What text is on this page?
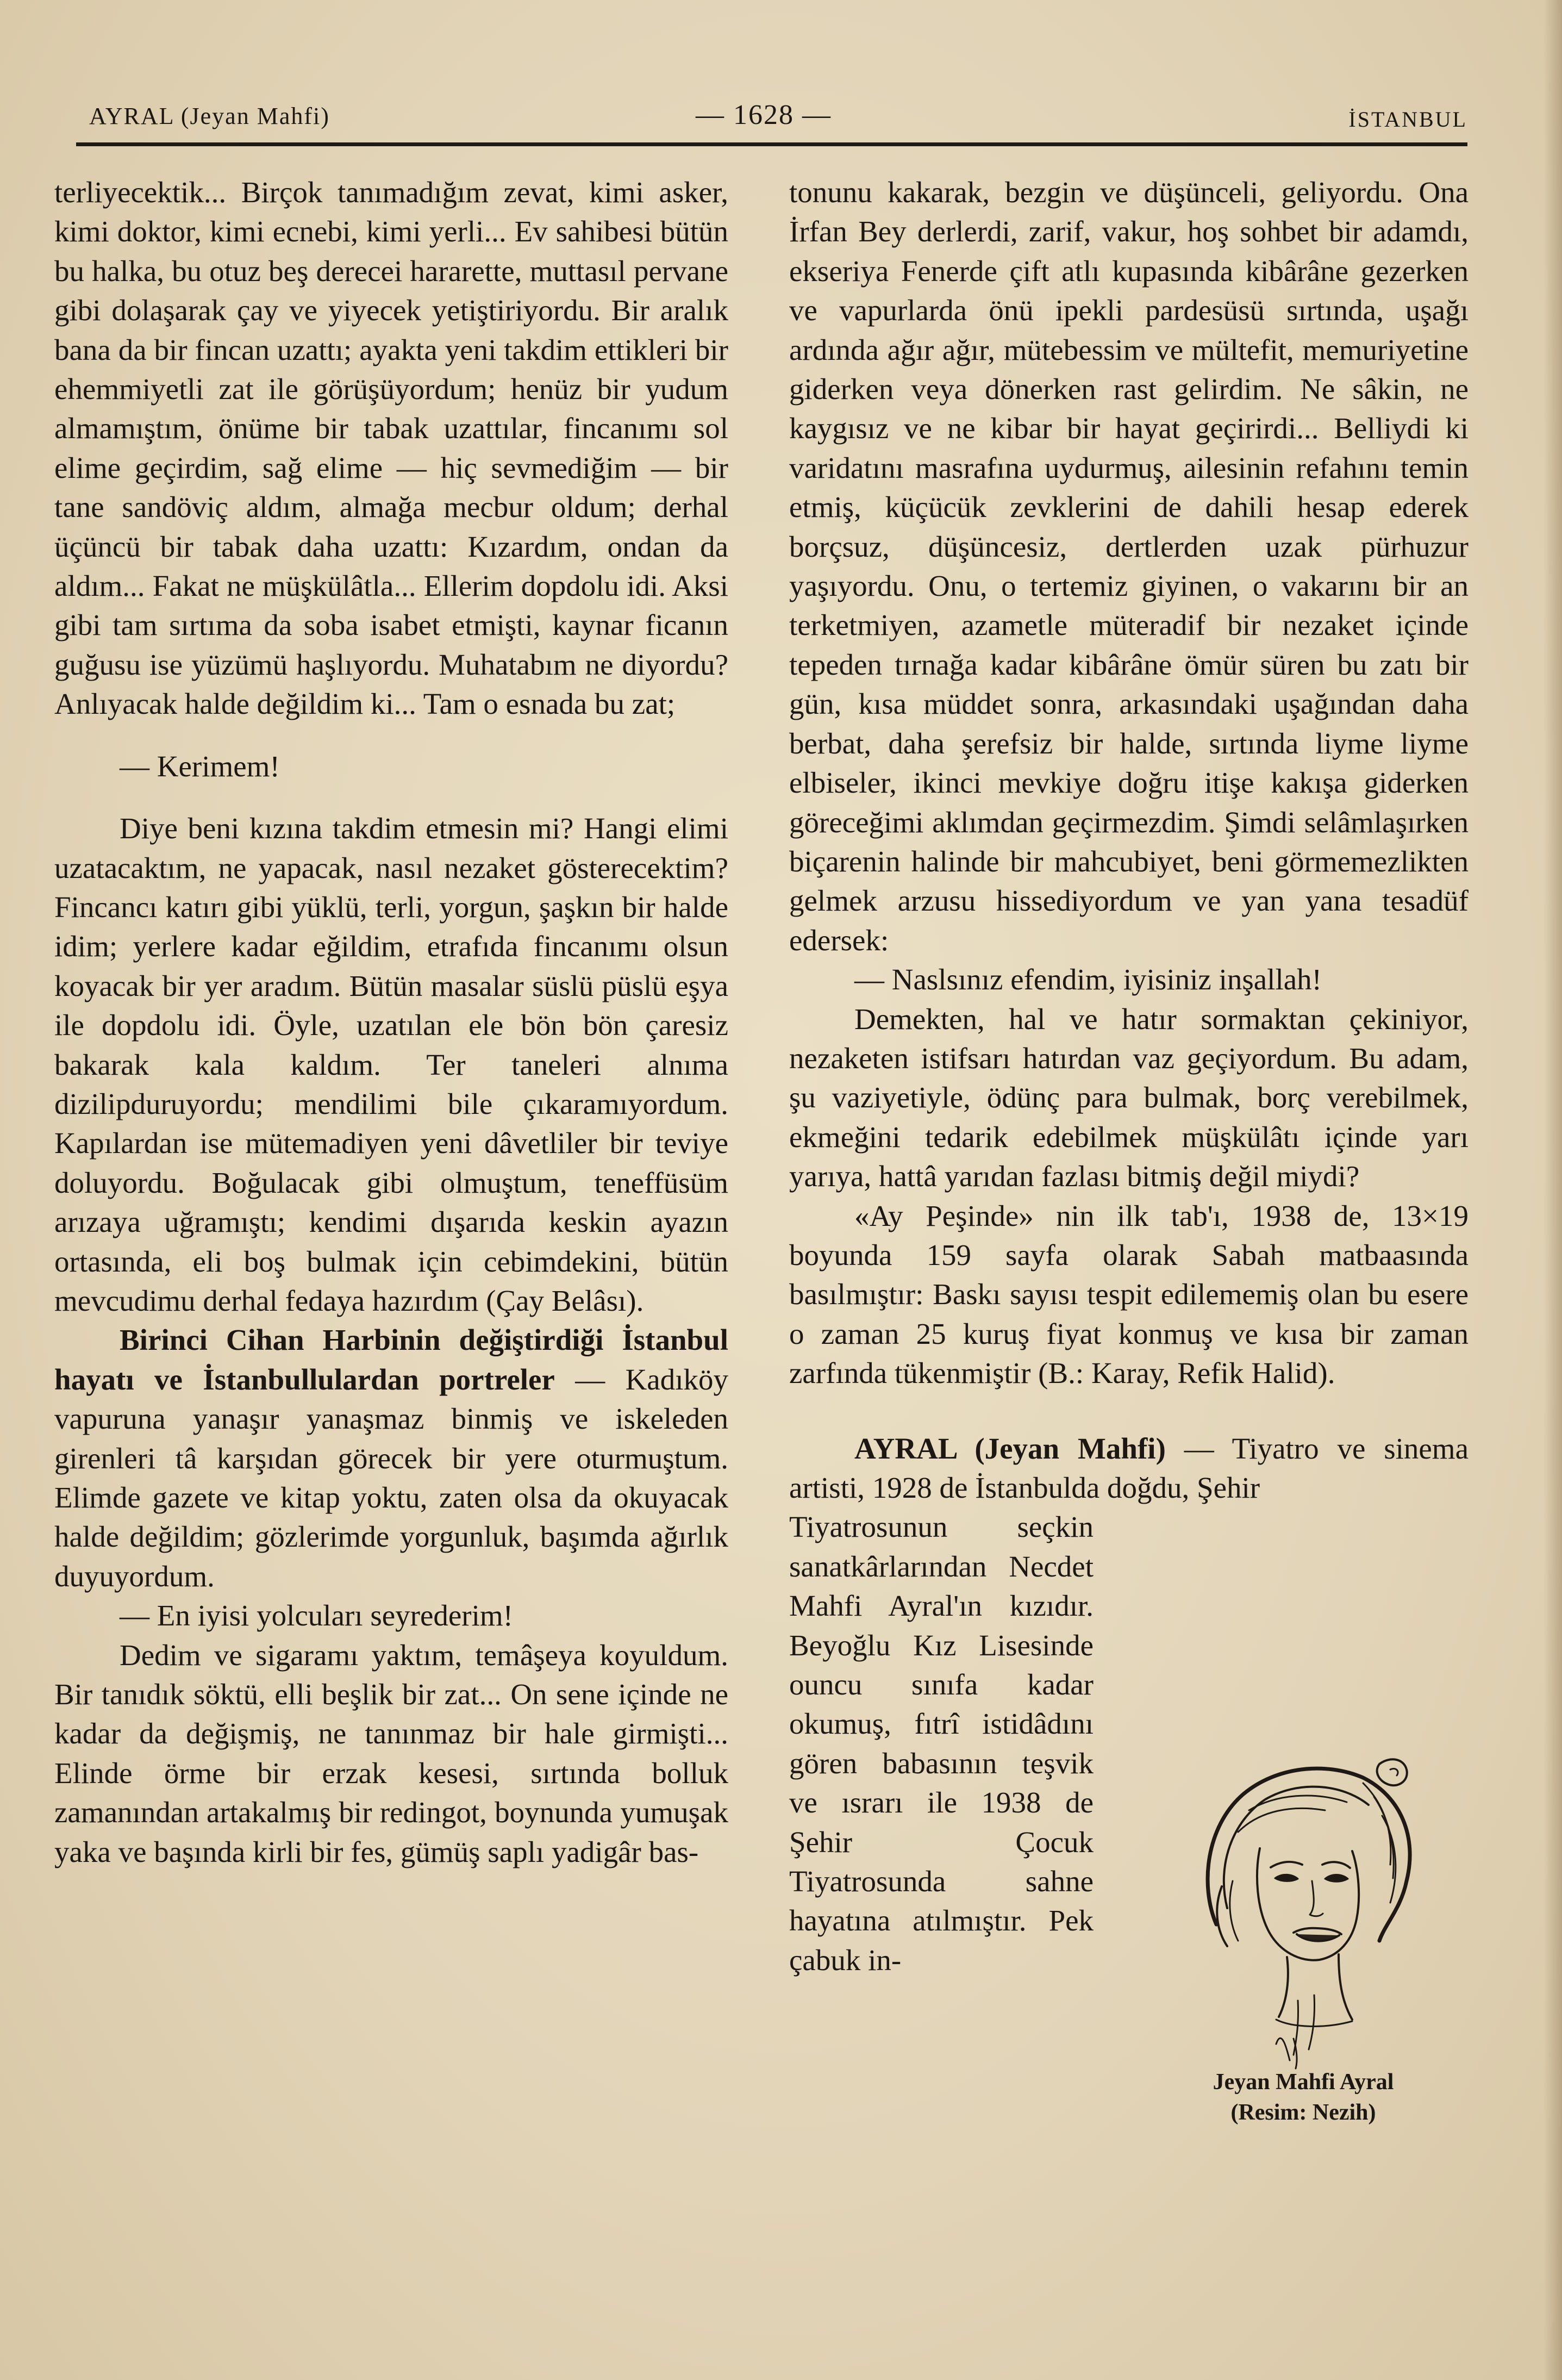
AYRAL (Jeyan Mahfi)	— 1628 —	İSTANBUL

terliyecektik... Birçok tanımadığım zevat, kimi asker, kimi doktor, kimi ecnebi, kimi yerli... Ev sahibesi bütün bu halka, bu otuz beş derecei hararette, muttasıl pervane gibi dolaşarak çay ve yiyecek yetiştiriyordu. Bir aralık bana da bir fincan uzattı; ayakta yeni takdim ettikleri bir ehemmiyetli zat ile görüşüyordum; henüz bir yudum almamıştım, önüme bir tabak uzattılar, fincanımı sol elime geçirdim, sağ elime — hiç sevmediğim — bir tane sandöviç aldım, almağa mecbur oldum; derhal üçüncü bir tabak daha uzattı: Kızardım, ondan da aldım... Fakat ne müşkülâtla... Ellerim dopdolu idi. Aksi gibi tam sırtıma da soba isabet etmişti, kaynar ficanın guğusu ise yüzümü haşlıyordu. Muhatabım ne diyordu? Anlıyacak halde değildim ki... Tam o esnada bu zat;

— Kerimem!

Diye beni kızına takdim etmesin mi? Hangi elimi uzatacaktım, ne yapacak, nasıl nezaket gösterecektim? Fincancı katırı gibi yüklü, terli, yorgun, şaşkın bir halde idim; yerlere kadar eğildim, etrafıda fincanımı olsun koyacak bir yer aradım. Bütün masalar süslü püslü eşya ile dopdolu idi. Öyle, uzatılan ele bön bön çaresiz bakarak kala kaldım. Ter taneleri alnıma dizilipduruyordu; mendilimi bile çıkaramıyordum. Kapılardan ise mütemadiyen yeni dâvetliler bir teviye doluyordu. Boğulacak gibi olmuştum, teneffüsüm arızaya uğramıştı; kendimi dışarıda keskin ayazın ortasında, eli boş bulmak için cebimdekini, bütün mevcudimu derhal fedaya hazırdım (Çay Belâsı).

Birinci Cihan Harbinin değiştirdiği İstanbul hayatı ve İstanbullulardan portreler — Kadıköy vapuruna yanaşır yanaşmaz binmiş ve iskeleden girenleri tâ karşıdan görecek bir yere oturmuştum. Elimde gazete ve kitap yoktu, zaten olsa da okuyacak halde değildim; gözlerimde yorgunluk, başımda ağırlık duyuyordum.

— En iyisi yolcuları seyrederim!

Dedim ve sigaramı yaktım, temâşeya koyuldum. Bir tanıdık söktü, elli beşlik bir zat... On sene içinde ne kadar da değişmiş, ne tanınmaz bir hale girmişti... Elinde örme bir erzak kesesi, sırtında bolluk zamanından artakalmış bir redingot, boynunda yumuşak yaka ve başında kirli bir fes, gümüş saplı yadigâr bas-

tonunu kakarak, bezgin ve düşünceli, geliyordu. Ona İrfan Bey derlerdi, zarif, vakur, hoş sohbet bir adamdı, ekseriya Fenerde çift atlı kupasında kibârâne gezerken ve vapurlarda önü ipekli pardesüsü sırtında, uşağı ardında ağır ağır, mütebessim ve mültefit, memuriyetine giderken veya dönerken rast gelirdim. Ne sâkin, ne kaygısız ve ne kibar bir hayat geçirirdi... Belliydi ki varidatını masrafına uydurmuş, ailesinin refahını temin etmiş, küçücük zevklerini de dahili hesap ederek borçsuz, düşüncesiz, dertlerden uzak pürhuzur yaşıyordu. Onu, o tertemiz giyinen, o vakarını bir an terketmiyen, azametle müteradif bir nezaket içinde tepeden tırnağa kadar kibârâne ömür süren bu zatı bir gün, kısa müddet sonra, arkasındaki uşağından daha berbat, daha şerefsiz bir halde, sırtında liyme liyme elbiseler, ikinci mevkiye doğru itişe kakışa giderken göreceğimi aklımdan geçirmezdim. Şimdi selâmlaşırken biçarenin halinde bir mahcubiyet, beni görmemezlikten gelmek arzusu hissediyordum ve yan yana tesadüf edersek:

— Naslsınız efendim, iyisiniz inşallah!

Demekten, hal ve hatır sormaktan çekiniyor, nezaketen istifsarı hatırdan vaz geçiyordum. Bu adam, şu vaziyetiyle, ödünç para bulmak, borç verebilmek, ekmeğini tedarik edebilmek müşkülâtı içinde yarı yarıya, hattâ yarıdan fazlası bitmiş değil miydi?

«Ay Peşinde» nin ilk tab'ı, 1938 de, 13×19 boyunda 159 sayfa olarak Sabah matbaasında basılmıştır: Baskı sayısı tespit edilememiş olan bu esere o zaman 25 kuruş fiyat konmuş ve kısa bir zaman zarfında tükenmiştir (B.: Karay, Refik Halid).

AYRAL (Jeyan Mahfi) — Tiyatro ve sinema artisti, 1928 de İstanbulda doğdu, Şehir

Tiyatrosunun seçkin sanatkârlarından Necdet Mahfi Ayral'ın kızıdır. Beyoğlu Kız Lisesinde ouncu sınıfa kadar okumuş, fıtrî istidâdını gören babasının teşvik ve ısrarı ile 1938 de Şehir Çocuk Tiyatrosunda sahne hayatına atılmıştır. Pek çabuk in-

Jeyan Mahfi Ayral
(Resim: Nezih)
